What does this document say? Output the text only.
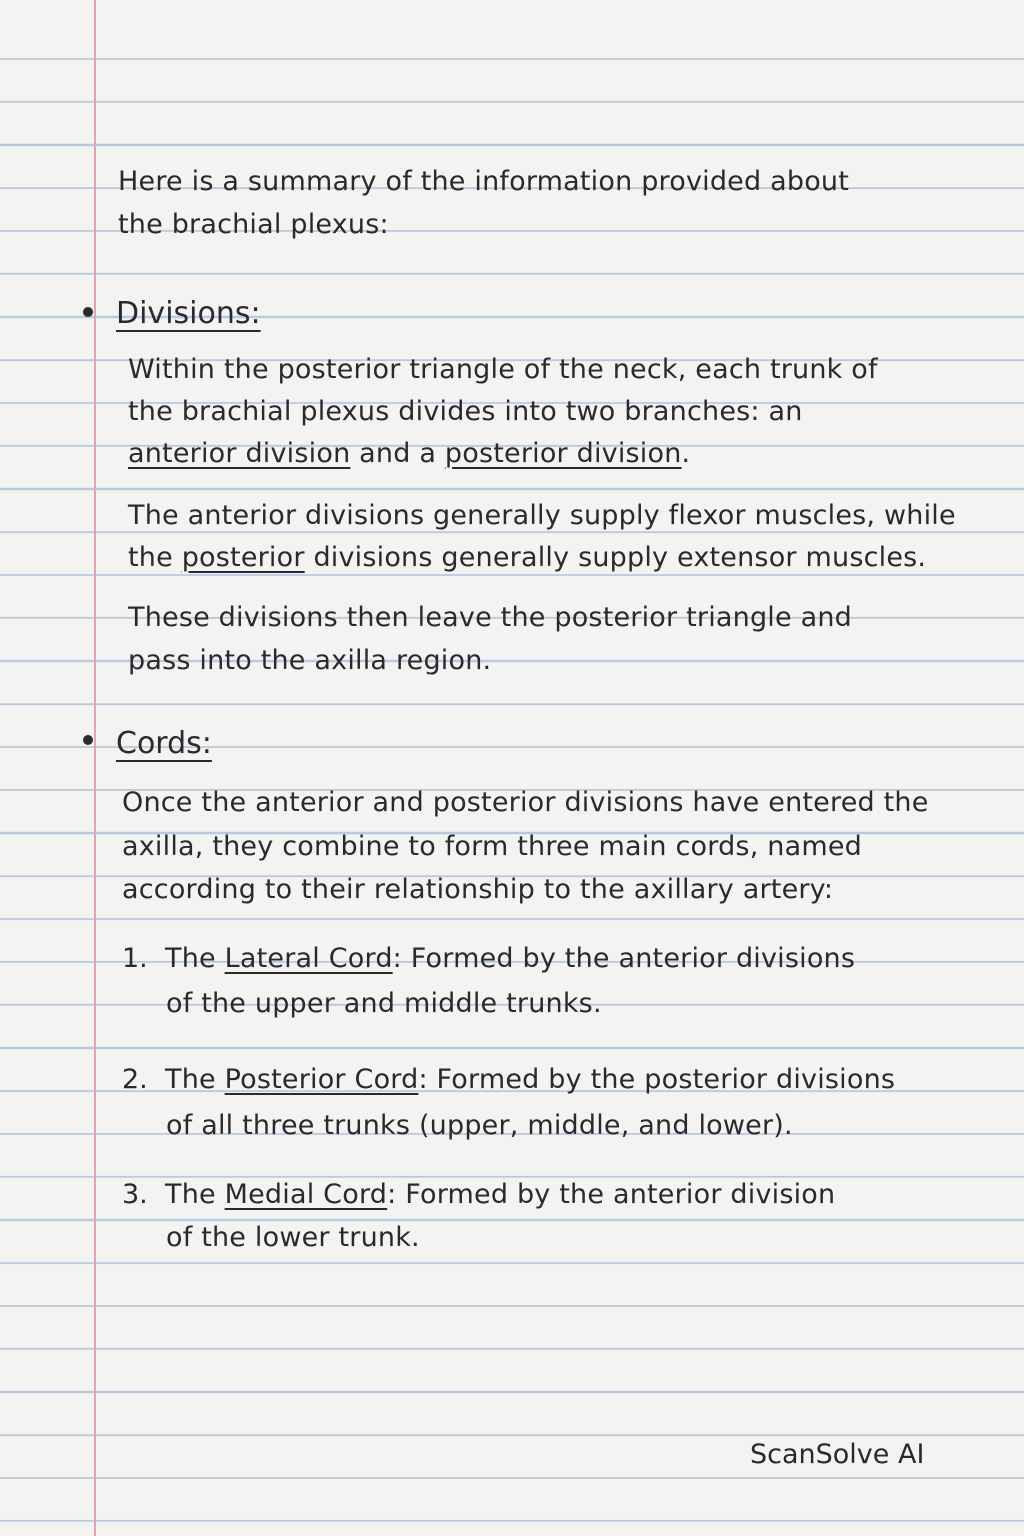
Here is a summary of the information provided about
the brachial plexus:
Divisions:
Within the posterior triangle of the neck, each trunk of
the brachial plexus divides into two branches: an
anterior division and a posterior division.
The anterior divisions generally supply flexor muscles, while
the posterior divisions generally supply extensor muscles.
These divisions then leave the posterior triangle and
pass into the axilla region.
Cords:
Once the anterior and posterior divisions have entered the
axilla, they combine to form three main cords, named
according to their relationship to the axillary artery:
1. The Lateral Cord: Formed by the anterior divisions
of the upper and middle trunks.
2. The Posterior Cord: Formed by the posterior divisions
of all three trunks (upper, middle, and lower).
3. The Medial Cord: Formed by the anterior division
of the lower trunk.
ScanSolve AI
